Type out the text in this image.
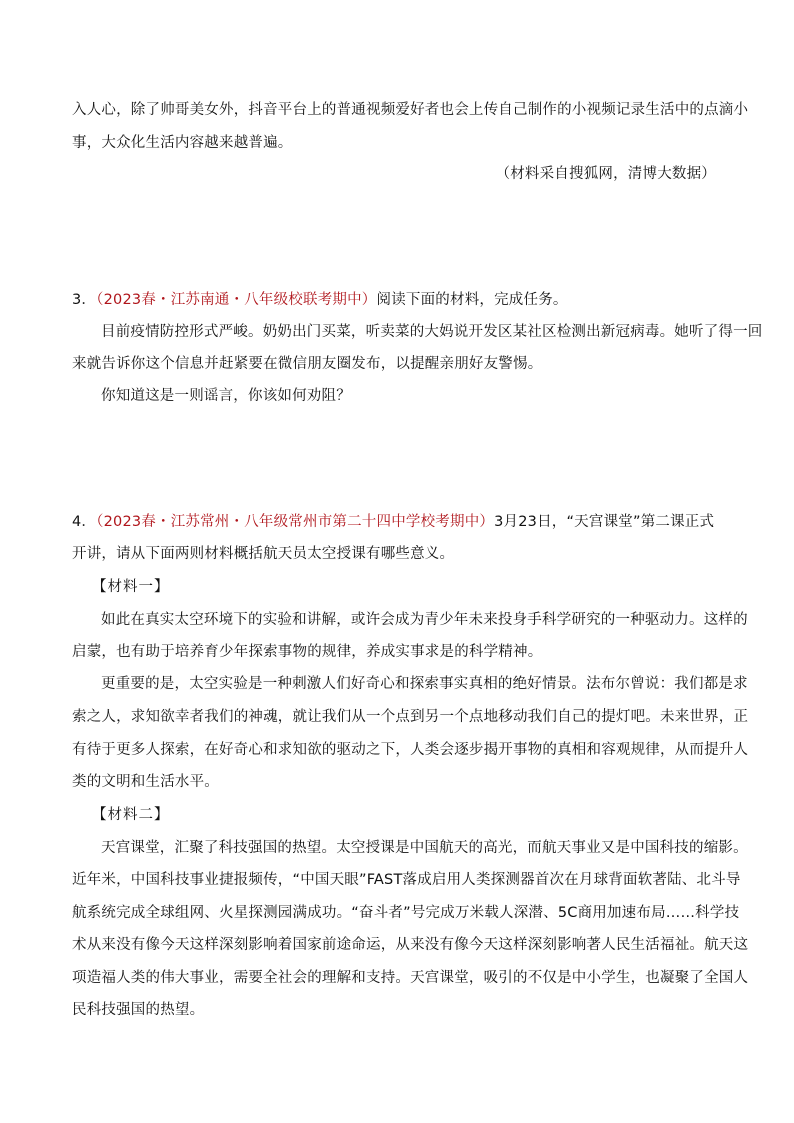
入人心，除了帅哥美女外，抖音平台上的普通视频爱好者也会上传自己制作的小视频记录生活中的点滴小
事，大众化生活内容越来越普遍。
（材料采自搜狐网，清博大数据）
3．（2023春・江苏南通・八年级校联考期中）阅读下面的材料，完成任务。
目前疫情防控形式严峻。奶奶出门买菜，听卖菜的大妈说开发区某社区检测出新冠病毒。她听了得一回
来就告诉你这个信息并赶紧要在微信朋友圈发布，以提醒亲朋好友警惕。
你知道这是一则谣言，你该如何劝阻？
4．（2023春・江苏常州・八年级常州市第二十四中学校考期中）3月23日，“天宫课堂”第二课正式
开讲，请从下面两则材料概括航天员太空授课有哪些意义。
【材料一】
如此在真实太空环境下的实验和讲解，或许会成为青少年未来投身手科学研究的一种驱动力。这样的
启蒙，也有助于培养育少年探索事物的规律，养成实事求是的科学精神。
更重要的是，太空实验是一种刺激人们好奇心和探索事实真相的绝好情景。法布尔曾说：我们都是求
索之人，求知欲幸者我们的神魂，就让我们从一个点到另一个点地移动我们自己的提灯吧。未来世界，正
有待于更多人探索，在好奇心和求知欲的驱动之下，人类会逐步揭开事物的真相和容观规律，从而提升人
类的文明和生活水平。
【材料二】
天宫课堂，汇聚了科技强国的热望。太空授课是中国航天的高光，而航天事业又是中国科技的缩影。
近年米，中国科技事业捷报频传，“中国天眼”FAST落成启用人类探测器首次在月球背面软著陆、北斗导
航系统完成全球组网、火星探测园满成功。“奋斗者”号完成万米载人深潜、5C商用加速布局……科学技
术从来没有像今天这样深刻影响着国家前途命运，从来没有像今天这样深刻影响著人民生活福祉。航天这
项造福人类的伟大事业，需要全社会的理解和支持。天宫课堂，吸引的不仅是中小学生，也凝聚了全国人
民科技强国的热望。
